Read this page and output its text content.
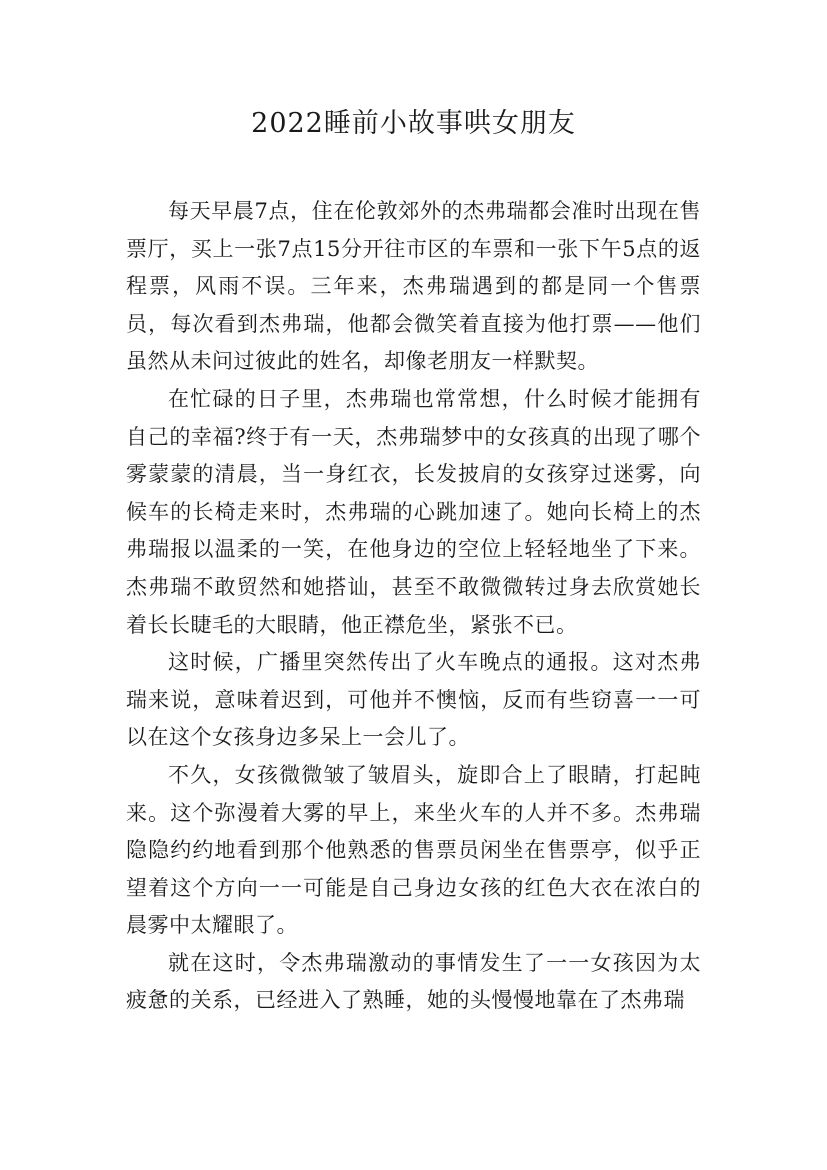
2022睡前小故事哄女朋友

每天早晨7点，住在伦敦郊外的杰弗瑞都会准时出现在售票厅，买上一张7点15分开往市区的车票和一张下午5点的返程票，风雨不误。三年来，杰弗瑞遇到的都是同一个售票员，每次看到杰弗瑞，他都会微笑着直接为他打票——他们虽然从未问过彼此的姓名，却像老朋友一样默契。

在忙碌的日子里，杰弗瑞也常常想，什么时候才能拥有自己的幸福?终于有一天，杰弗瑞梦中的女孩真的出现了哪个雾蒙蒙的清晨，当一身红衣，长发披肩的女孩穿过迷雾，向候车的长椅走来时，杰弗瑞的心跳加速了。她向长椅上的杰弗瑞报以温柔的一笑，在他身边的空位上轻轻地坐了下来。杰弗瑞不敢贸然和她搭讪，甚至不敢微微转过身去欣赏她长着长长睫毛的大眼睛，他正襟危坐，紧张不已。

这时候，广播里突然传出了火车晚点的通报。这对杰弗瑞来说，意味着迟到，可他并不懊恼，反而有些窃喜一一可以在这个女孩身边多呆上一会儿了。

不久，女孩微微皱了皱眉头，旋即合上了眼睛，打起盹来。这个弥漫着大雾的早上，来坐火车的人并不多。杰弗瑞隐隐约约地看到那个他熟悉的售票员闲坐在售票亭，似乎正望着这个方向一一可能是自己身边女孩的红色大衣在浓白的晨雾中太耀眼了。

就在这时，令杰弗瑞激动的事情发生了一一女孩因为太疲惫的关系，已经进入了熟睡，她的头慢慢地靠在了杰弗瑞
